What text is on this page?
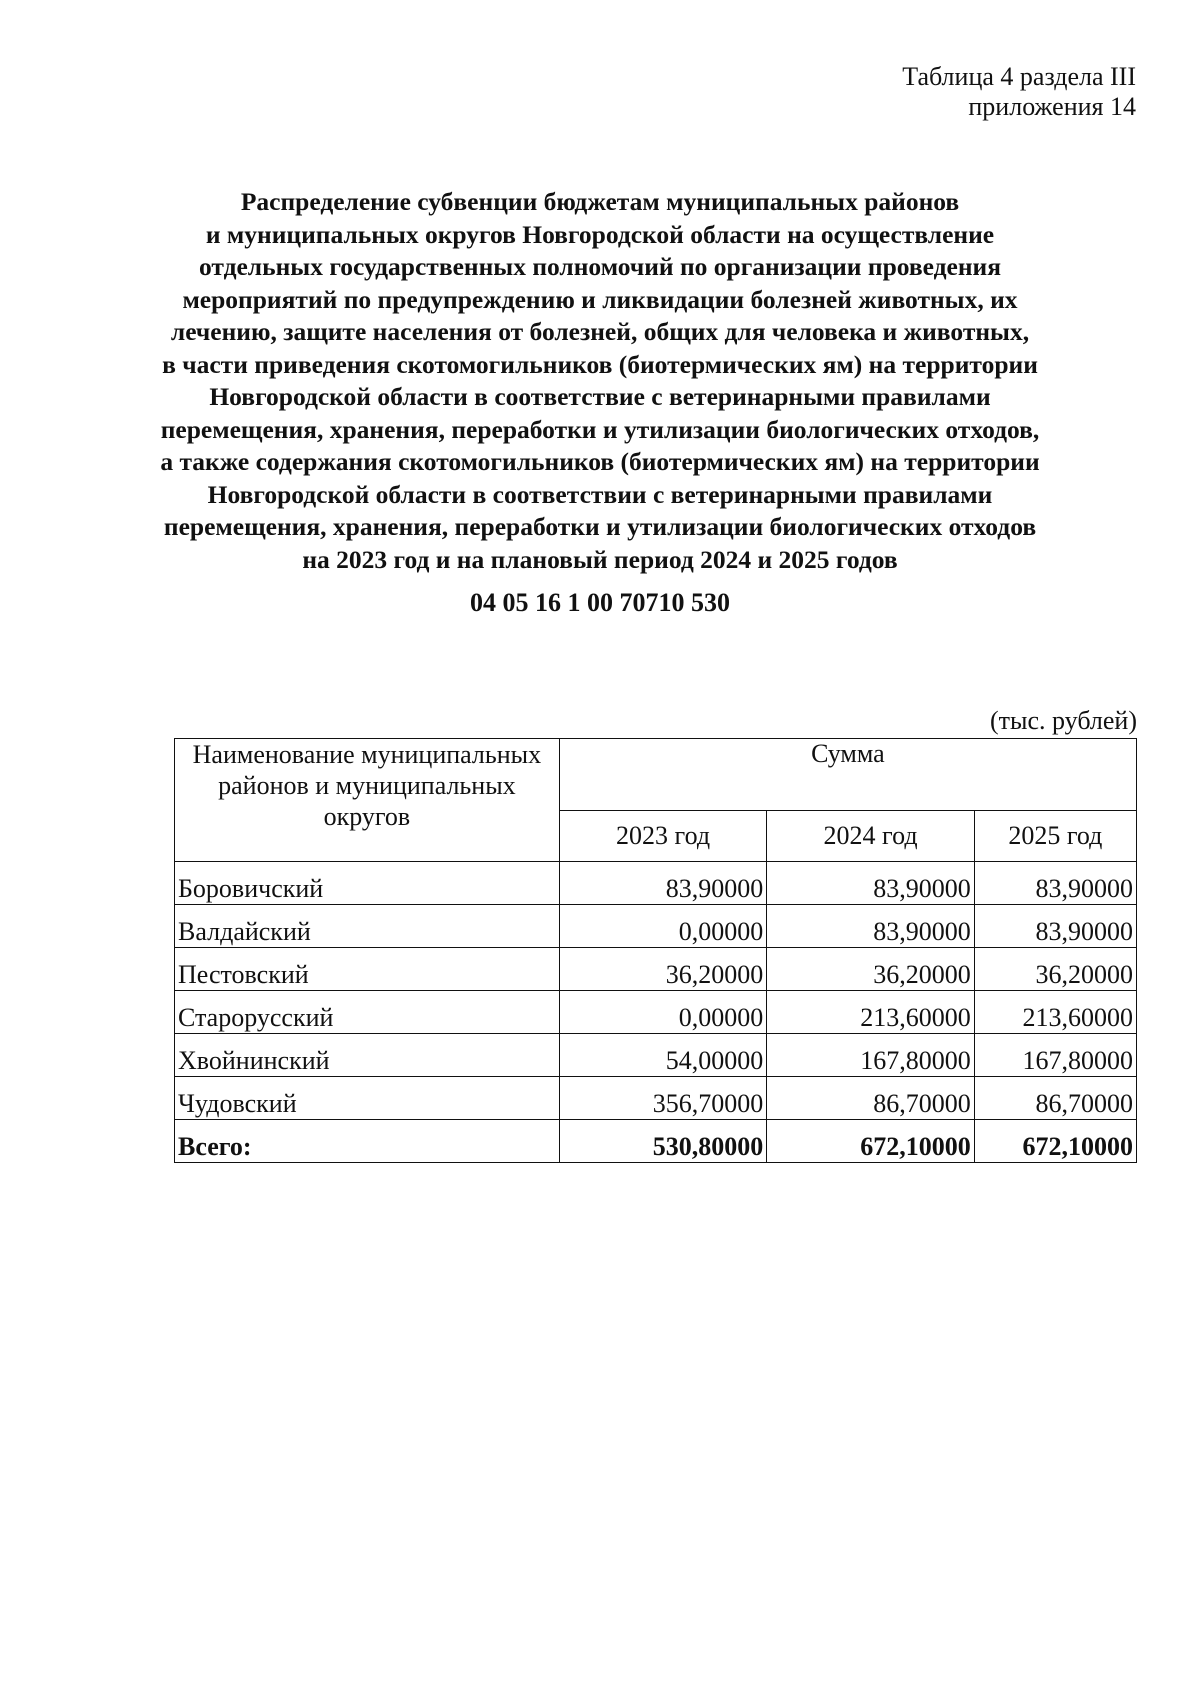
Таблица 4 раздела III
приложения 14
Распределение субвенции бюджетам муниципальных районов
и муниципальных округов Новгородской области на осуществление
отдельных государственных полномочий по организации проведения
мероприятий по предупреждению и ликвидации болезней животных, их
лечению, защите населения от болезней, общих для человека и животных,
в части приведения скотомогильников (биотермических ям) на территории
Новгородской области в соответствие с ветеринарными правилами
перемещения, хранения, переработки и утилизации биологических отходов,
а также содержания скотомогильников (биотермических ям) на территории
Новгородской области в соответствии с ветеринарными правилами
перемещения, хранения, переработки и утилизации биологических отходов
на 2023 год и на плановый период 2024 и 2025 годов
04 05 16 1 00 70710 530
(тыс. рублей)
Наименование муниципальных районов и муниципальных округов	Сумма		
	2023 год	2024 год	2025 год
Боровичский	83,90000	83,90000	83,90000
Валдайский	0,00000	83,90000	83,90000
Пестовский	36,20000	36,20000	36,20000
Старорусский	0,00000	213,60000	213,60000
Хвойнинский	54,00000	167,80000	167,80000
Чудовский	356,70000	86,70000	86,70000
Всего:	530,80000	672,10000	672,10000
